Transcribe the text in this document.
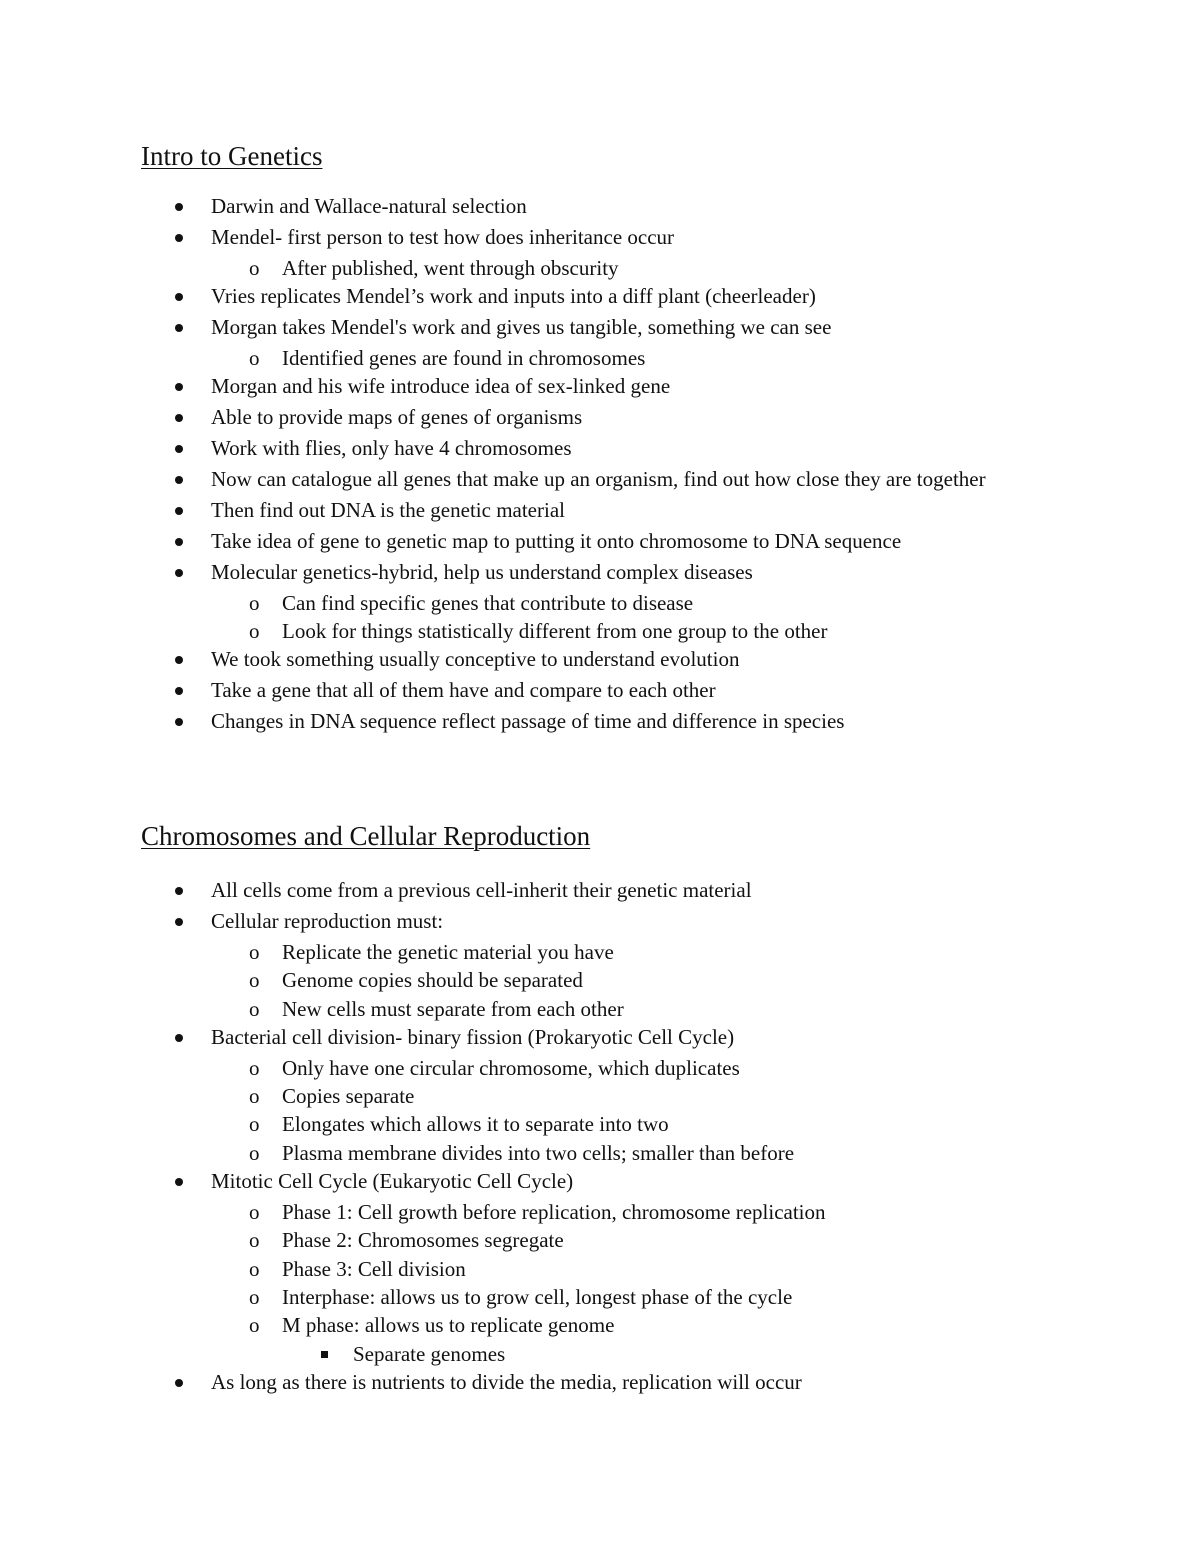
Intro to Genetics
Darwin and Wallace-natural selection
Mendel- first person to test how does inheritance occur
o After published, went through obscurity
Vries replicates Mendel’s work and inputs into a diff plant (cheerleader)
Morgan takes Mendel's work and gives us tangible, something we can see
o Identified genes are found in chromosomes
Morgan and his wife introduce idea of sex-linked gene
Able to provide maps of genes of organisms
Work with flies, only have 4 chromosomes
Now can catalogue all genes that make up an organism, find out how close they are together
Then find out DNA is the genetic material
Take idea of gene to genetic map to putting it onto chromosome to DNA sequence
Molecular genetics-hybrid, help us understand complex diseases
o Can find specific genes that contribute to disease
o Look for things statistically different from one group to the other
We took something usually conceptive to understand evolution
Take a gene that all of them have and compare to each other
Changes in DNA sequence reflect passage of time and difference in species
Chromosomes and Cellular Reproduction
All cells come from a previous cell-inherit their genetic material
Cellular reproduction must:
o Replicate the genetic material you have
o Genome copies should be separated
o New cells must separate from each other
Bacterial cell division- binary fission (Prokaryotic Cell Cycle)
o Only have one circular chromosome, which duplicates
o Copies separate
o Elongates which allows it to separate into two
o Plasma membrane divides into two cells; smaller than before
Mitotic Cell Cycle (Eukaryotic Cell Cycle)
o Phase 1: Cell growth before replication, chromosome replication
o Phase 2: Chromosomes segregate
o Phase 3: Cell division
o Interphase: allows us to grow cell, longest phase of the cycle
o M phase: allows us to replicate genome
Separate genomes
As long as there is nutrients to divide the media, replication will occur
